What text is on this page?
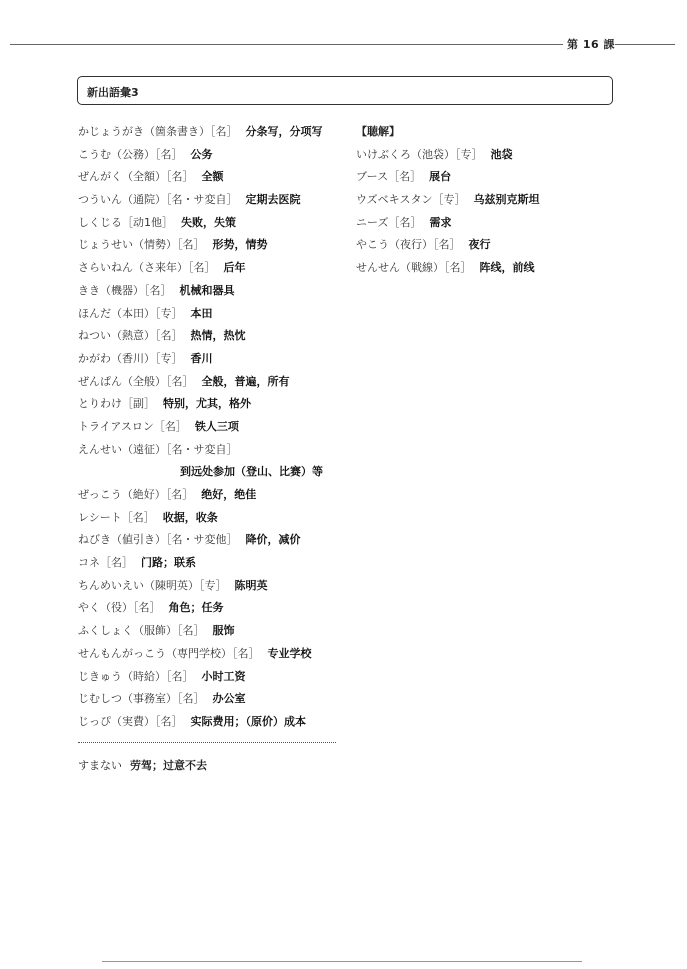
第 16 課
新出語彙3
かじょうがき（箇条書き）［名］ 分条写，分项写
こうむ（公務）［名］ 公务
ぜんがく（全額）［名］ 全额
つういん（通院）［名・サ変自］ 定期去医院
しくじる［动1他］ 失败，失策
じょうせい（情勢）［名］ 形势，情势
さらいねん（さ来年）［名］ 后年
きき（機器）［名］ 机械和器具
ほんだ（本田）［专］ 本田
ねつい（熱意）［名］ 热情，热忱
かがわ（香川）［专］ 香川
ぜんぱん（全般）［名］ 全般，普遍，所有
とりわけ［副］ 特别，尤其，格外
トライアスロン［名］ 铁人三项
えんせい（遠征）［名・サ変自］
到远处参加（登山、比赛）等
ぜっこう（絶好）［名］ 绝好，绝佳
レシート［名］ 收据，收条
ねびき（値引き）［名・サ変他］ 降价，减价
コネ［名］ 门路；联系
ちんめいえい（陳明英）［专］ 陈明英
やく（役）［名］ 角色；任务
ふくしょく（服飾）［名］ 服饰
せんもんがっこう（専門学校）［名］ 专业学校
じきゅう（時給）［名］ 小时工资
じむしつ（事務室）［名］ 办公室
じっぴ（実費）［名］ 实际费用；（原价）成本
【聴解】
いけぶくろ（池袋）［专］ 池袋
ブース［名］ 展台
ウズベキスタン［专］ 乌兹别克斯坦
ニーズ［名］ 需求
やこう（夜行）［名］ 夜行
せんせん（戦線）［名］ 阵线，前线
すまない 劳驾；过意不去
